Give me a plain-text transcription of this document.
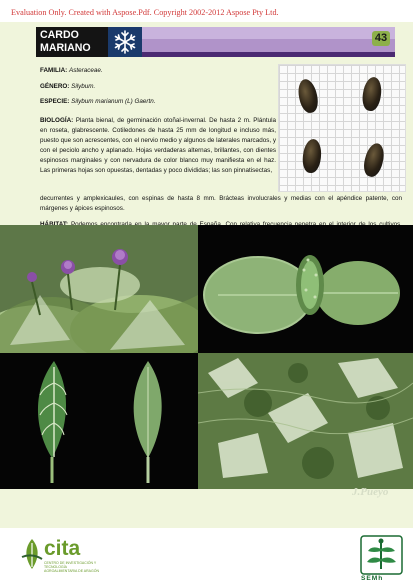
Evaluation Only. Created with Aspose.Pdf. Copyright 2002-2012 Aspose Pty Ltd.
CARDO
MARIANO
43
FAMILIA: Asteraceae.
GÉNERO: Silybum.
ESPECIE: Silybum marianum (L) Gaertn.
BIOLOGÍA: Planta bienal, de germinación otoñal-invernal. De hasta 2 m. Plántula en roseta, glabrescente. Cotiledones de hasta 25 mm de longitud e incluso más, puesto que son acrescentes, con el nervio medio y algunos de laterales marcados, y con el peciolo ancho y aplanado. Hojas verdaderas alternas, brillantes, con dientes espinosos marginales y con nervadura de color blanco muy manifiesta en el haz. Las primeras hojas son opuestas, dentadas y poco divididas; las son pinnatisectas,
decurrentes y amplexicaules, con espinas de hasta 8 mm. Brácteas involucrales y medias con el apéndice patente, con márgenes y ápices espinosos.
J.Pueyo
cita
CENTRO DE INVESTIGACIÓN Y TECNOLOGÍA AGROALIMENTARIA DE ARAGÓN
SEMh
